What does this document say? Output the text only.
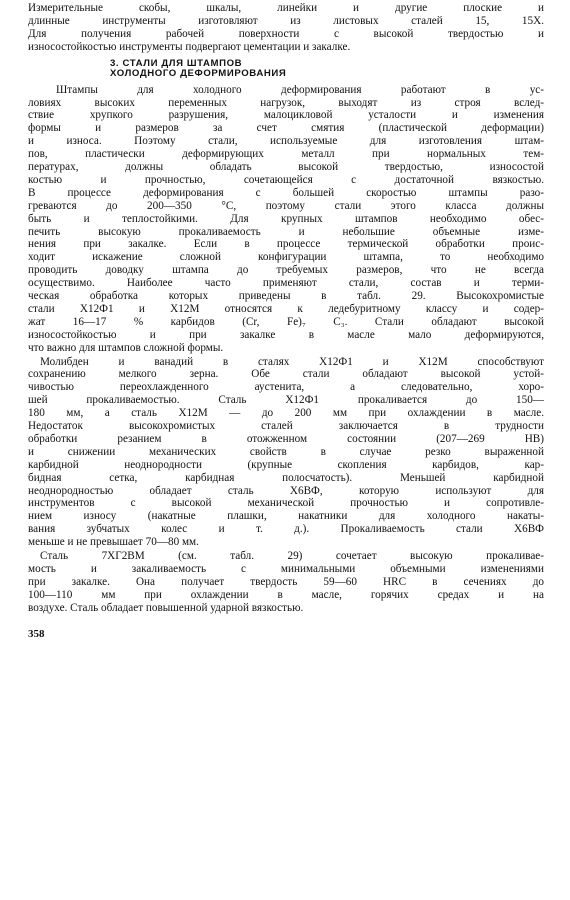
Измерительные скобы, шкалы, линейки и другие плоские и
длинные инструменты изготовляют из листовых сталей 15, 15Х.
Для получения рабочей поверхности с высокой твердостью и
износостойкостью инструменты подвергают цементации и закалке.
3. СТАЛИ ДЛЯ ШТАМПОВ
ХОЛОДНОГО ДЕФОРМИРОВАНИЯ
Штампы для холодного деформирования работают в ус-
ловиях высоких переменных нагрузок, выходят из строя вслед-
ствие хрупкого разрушения, малоцикловой усталости и изменения
формы и размеров за счет смятия (пластической деформации)
и износа. Поэтому стали, используемые для изготовления штам-
пов, пластически деформирующих металл при нормальных тем-
пературах, должны обладать высокой твердостью, износостой
костью и прочностью, сочетающейся с достаточной вязкостью.
В процессе деформирования с большей скоростью штампы разо-
греваются до 200—350 °С, поэтому стали этого класса должны
быть и теплостойкими. Для крупных штампов необходимо обес-
печить высокую прокаливаемость и небольшие объемные изме-
нения при закалке. Если в процессе термической обработки проис-
ходит искажение сложной конфигурации штампа, то необходимо
проводить доводку штампа до требуемых размеров, что не всегда
осуществимо. Наиболее часто применяют стали, состав и терми-
ческая обработка которых приведены в табл. 29. Высокохромистые
стали Х12Ф1 и Х12М относятся к ледебуритному классу и содер-
жат 16—17 % карбидов (Cr, Fe)₇ С₃. Стали обладают высокой
износостойкостью и при закалке в масле мало деформируются,
что важно для штампов сложной формы.
Молибден и ванадий в сталях Х12Ф1 и Х12М способствуют
сохранению мелкого зерна. Обе стали обладают высокой устой-
чивостью переохлажденного аустенита, а следовательно, хоро-
шей прокаливаемостью. Сталь Х12Ф1 прокаливается до 150—
180 мм, а сталь Х12М — до 200 мм при охлаждении в масле.
Недостаток высокохромистых сталей заключается в трудности
обработки резанием в отожженном состоянии (207—269 НВ)
и снижении механических свойств в случае резко выраженной
карбидной неоднородности (крупные скопления карбидов, кар-
бидная сетка, карбидная полосчатость). Меньшей карбидной
неоднородностью обладает сталь Х6ВФ, которую используют для
инструментов с высокой механической прочностью и сопротивле-
нием износу (накатные плашки, накатники для холодного накаты-
вания зубчатых колес и т. д.). Прокаливаемость стали Х6ВФ
меньше и не превышает 70—80 мм.
Сталь 7ХГ2ВМ (см. табл. 29) сочетает высокую прокаливае-
мость и закаливаемость с минимальными объемными изменениями
при закалке. Она получает твердость 59—60 HRC в сечениях до
100—110 мм при охлаждении в масле, горячих средах и на
воздухе. Сталь обладает повышенной ударной вязкостью.
358
